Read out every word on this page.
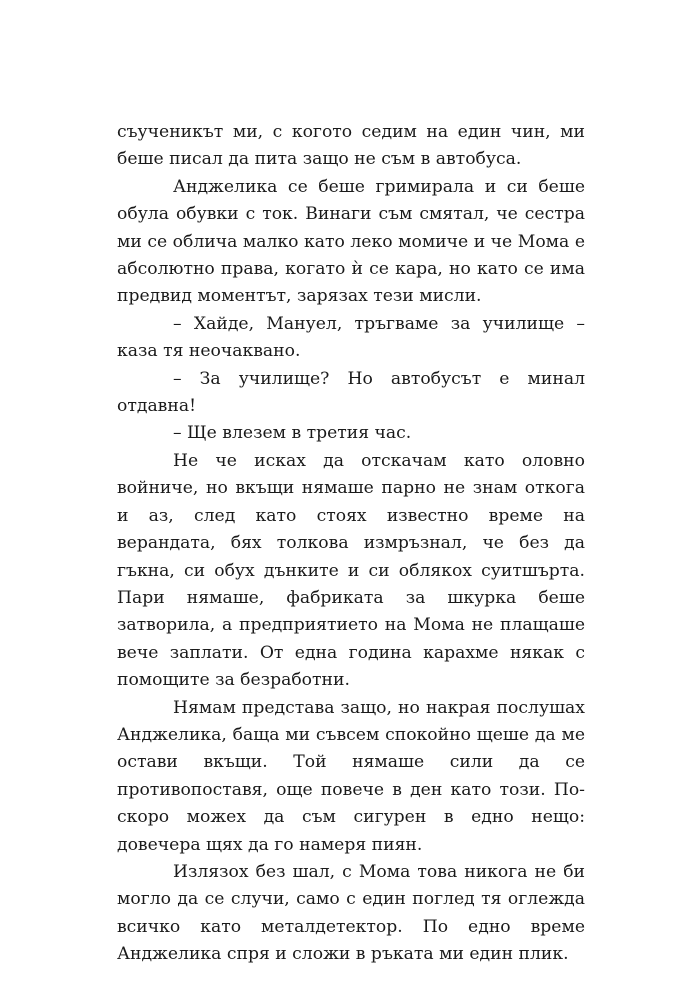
съученикът ми, с когото седим на един чин, ми беше писал да пита защо не съм в автобуса.

Анджелика се беше гримирала и си беше обула обувки с ток. Винаги съм смятал, че сестра ми се облича малко като леко момиче и че Мома е абсолютно права, когато ѝ се кара, но като се има предвид моментът, зарязах тези мисли.

– Хайде, Мануел, тръгваме за училище – каза тя неочаквано.

– За училище? Но автобусът е минал отдавна!

– Ще влезем в третия час.

Не че исках да отскачам като оловно войниче, но вкъщи нямаше парно не знам откога и аз, след като стоях известно време на верандата, бях толкова измръзнал, че без да гъкна, си обух дънките и си облякох суитшърта. Пари нямаше, фабриката за шкурка беше затворила, а предприятието на Мома не плащаше вече заплати. От една година карахме някак с помощите за безработни.

Нямам представа защо, но накрая послушах Анджелика, баща ми съвсем спокойно щеше да ме остави вкъщи. Той нямаше сили да се противопоставя, още повече в ден като този. По-скоро можех да съм сигурен в едно нещо: довечера щях да го намеря пиян.

Излязох без шал, с Мома това никога не би могло да се случи, само с един поглед тя оглежда всичко като металдетектор. По едно време Анджелика спря и сложи в ръката ми един плик.
